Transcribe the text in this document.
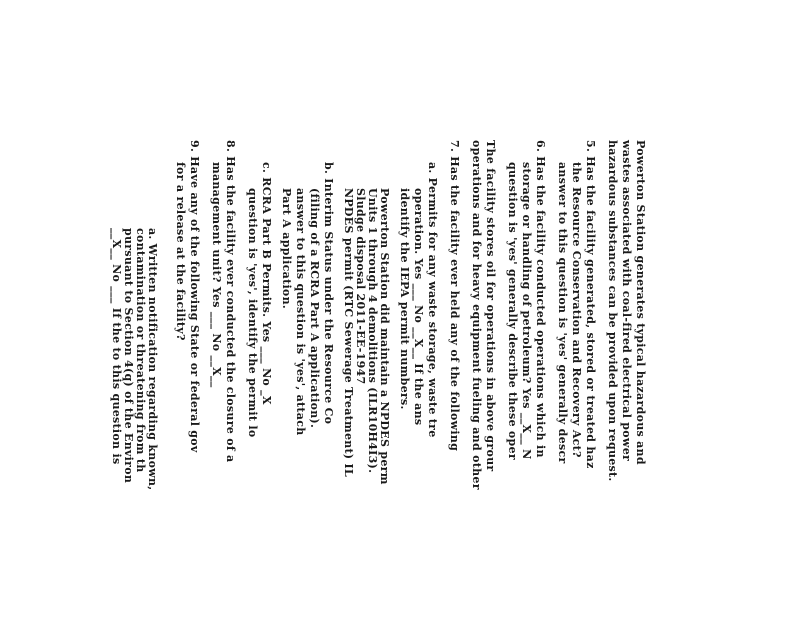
Powerton Station generates typical hazardous and
wastes associated with coal-fired electrical power
hazardous substances can be provided upon request.
5. Has the facility generated, stored or treated haz
the Resource Conservation and Recovery Act?
answer to this question is 'yes' generally descr
6. Has the facility conducted operations which in
storage or handling of petroleum? Yes __X__ N
question is 'yes' generally describe these oper
The facility stores oil for operations in above grour
operations and for heavy equipment fueling and other
7. Has the facility ever held any of the following
a. Permits for any waste storage, waste tre
operation. Yes ___ No __X__ If the ans
identify the IEPA permit numbers.
Powerton Station did maintain a NPDES perm
Units 1 through 4 demolitions (ILR10H4I3).
Sludge disposal 2011-EE-1947
NPDES permit (RTC Sewerage Treatment) IL
b. Interim Status under the Resource Co
(filing of a RCRA Part A application).
answer to this question is 'yes', attach
Part A application.
c. RCRA Part B Permits. Yes ___ No _X
question is 'yes', identify the permit lo
8. Has the facility ever conducted the closure of a
management unit? Yes ___ No __X__
9. Have any of the following State or federal gov
for a release at the facility?
a. Written notification regarding known,
contamination or threatening from th
pursuant to Section 4(q) of the Environ
__X__ No ___ If the to this question is
